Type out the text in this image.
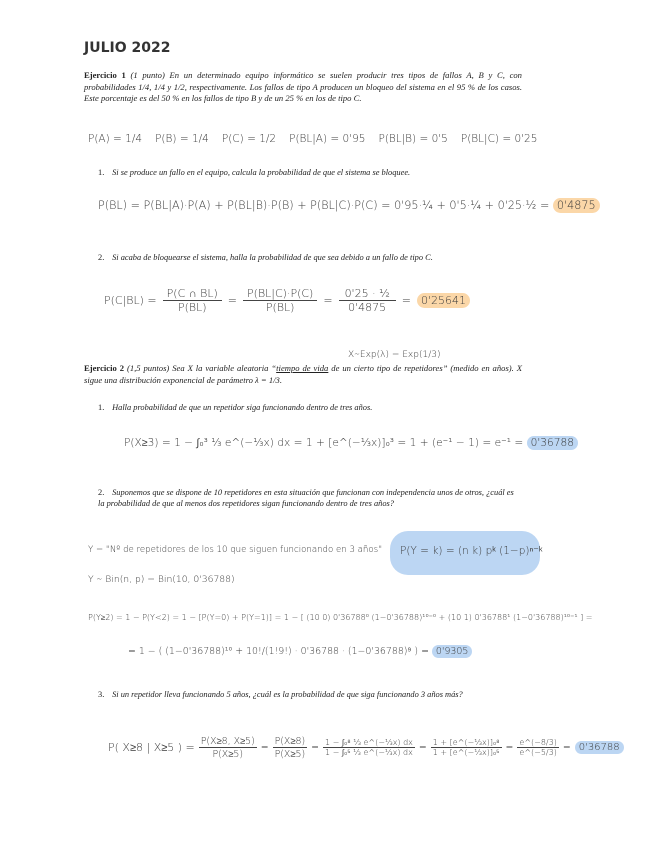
JULIO 2022
Ejercicio 1 (1 punto) En un determinado equipo informático se suelen producir tres tipos de fallos A, B y C, con probabilidades 1/4, 1/4 y 1/2, respectivamente. Los fallos de tipo A producen un bloqueo del sistema en el 95 % de los casos. Este porcentaje es del 50 % en los fallos de tipo B y de un 25 % en los de tipo C.
P(A) = 1/4 P(B) = 1/4 P(C) = 1/2 P(BL|A) = 0'95 P(BL|B) = 0'5 P(BL|C) = 0'25
1. Si se produce un fallo en el equipo, calcula la probabilidad de que el sistema se bloquee.
P(BL) = P(BL|A)·P(A) + P(BL|B)·P(B) + P(BL|C)·P(C) = 0'95·¼ + 0'5·¼ + 0'25·½ = 0'4875
2. Si acaba de bloquearse el sistema, halla la probabilidad de que sea debido a un fallo de tipo C.
$P(C|BL) = \frac{P(C \cap BL)}{P(BL)} = \frac{P(BL|C)\cdot P(C)}{P(BL)} = \frac{\text{0'25 · ½}}{0'4875} = 0'25641$
X∼Exp(λ) = Exp(1/3)
Ejercicio 2 (1,5 puntos) Sea X la variable aleatoria “tiempo de vida de un cierto tipo de repetidores” (medido en años). X sigue una distribución exponencial de parámetro λ = 1/3.
1. Halla probabilidad de que un repetidor siga funcionando dentro de tres años.
P(X≥3) = 1 − ∫₀³ ⅓ e^(−⅓x) dx = 1 + [e^(−⅓x)]₀³ = 1 + (e⁻¹ − 1) = e⁻¹ = 0'36788
2. Suponemos que se dispone de 10 repetidores en esta situación que funcionan con independencia unos de otros, ¿cuál es la probabilidad de que al menos dos repetidores sigan funcionando dentro de tres años?
P(Y = k) = (n k) pᵏ (1−p)ⁿ⁻ᵏ
Y = "Nº de repetidores de los 10 que siguen funcionando en 3 años"
Y ∼ Bin(n, p) = Bin(10, 0'36788)
P(Y≥2) = 1 − P(Y<2) = 1 − [P(Y=0) + P(Y=1)] = 1 − [ (10 0) 0'36788⁰ (1−0'36788)¹⁰⁻⁰ + (10 1) 0'36788¹ (1−0'36788)¹⁰⁻¹ ] =
= 1 − ( (1−0'36788)¹⁰ + 10!/(1!9!) · 0'36788 · (1−0'36788)⁹ ) = 0'9305
3. Si un repetidor lleva funcionando 5 años, ¿cuál es la probabilidad de que siga funcionando 3 años más?
P( X≥8 | X≥5 ) = $\frac{P(X\ge 8, X\ge 5)}{P(X\ge 5)} = \frac{P(X\ge 8)}{P(X\ge 5)} = \frac{\text{1 − ∫₀⁸ ⅓ e\textasciicircum{}(−⅓x) dx}}{\text{1 − ∫₀⁵ ⅓ e\textasciicircum{}(−⅓x) dx}} = \frac{\text{1 + [e\textasciicircum{}(−⅓x)]₀⁸}}{\text{1 + [e\textasciicircum{}(−⅓x)]₀⁵}} = \frac{e\^{}(-8/3)}{e\^{}(-5/3)} = 0'36788$
